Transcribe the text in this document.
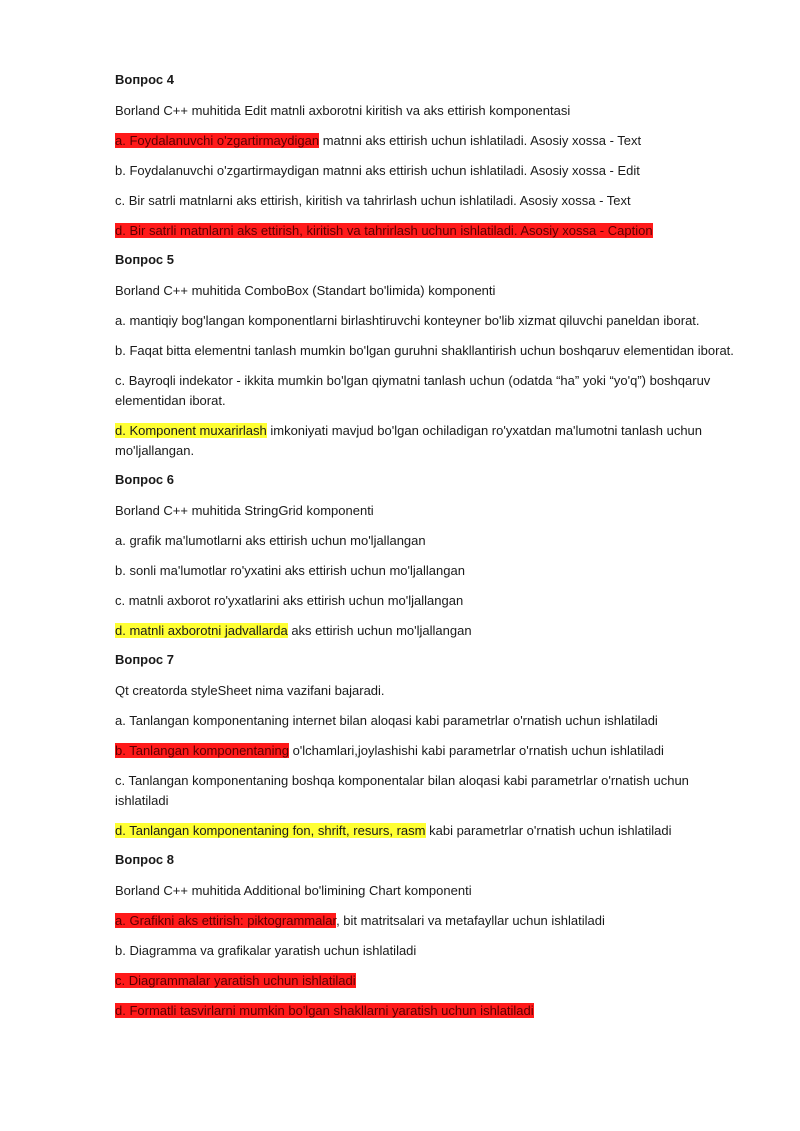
Вопрос 4
Borland C++ muhitida Edit matnli axborotni kiritish va aks ettirish komponentasi
a. Foydalanuvchi o'zgartirmaydigan matnni aks ettirish uchun ishlatiladi. Asosiy xossa - Text
b. Foydalanuvchi o'zgartirmaydigan matnni aks ettirish uchun ishlatiladi. Asosiy xossa - Edit
c. Bir satrli matnlarni aks ettirish, kiritish va tahrirlash uchun ishlatiladi. Asosiy xossa - Text
d. Bir satrli matnlarni aks ettirish, kiritish va tahrirlash uchun ishlatiladi. Asosiy xossa - Caption
Вопрос 5
Borland C++ muhitida ComboBox (Standart bo'limida) komponenti
a. mantiqiy bog'langan komponentlarni birlashtiruvchi konteyner bo'lib xizmat qiluvchi paneldan iborat.
b. Faqat bitta elementni tanlash mumkin bo'lgan guruhni shakllantirish uchun boshqaruv elementidan iborat.
c. Bayroqli indekator - ikkita mumkin bo'lgan qiymatni tanlash uchun (odatda “ha” yoki “yo'q”) boshqaruv elementidan iborat.
d. Komponent muxarirlash imkoniyati mavjud bo'lgan ochiladigan ro'yxatdan ma'lumotni tanlash uchun mo'ljallangan.
Вопрос 6
Borland C++ muhitida StringGrid komponenti
a. grafik ma'lumotlarni aks ettirish uchun mo'ljallangan
b. sonli ma'lumotlar ro'yxatini aks ettirish uchun mo'ljallangan
c. matnli axborot ro'yxatlarini aks ettirish uchun mo'ljallangan
d. matnli axborotni jadvallarda aks ettirish uchun mo'ljallangan
Вопрос 7
Qt creatorda styleSheet nima vazifani bajaradi.
a. Tanlangan komponentaning internet bilan aloqasi kabi parametrlar o'rnatish uchun ishlatiladi
b. Tanlangan komponentaning o'lchamlari,joylashishi kabi parametrlar o'rnatish uchun ishlatiladi
c. Tanlangan komponentaning boshqa komponentalar bilan aloqasi kabi parametrlar o'rnatish uchun ishlatiladi
d. Tanlangan komponentaning fon, shrift, resurs, rasm kabi parametrlar o'rnatish uchun ishlatiladi
Вопрос 8
Borland C++ muhitida Additional bo'limining Chart komponenti
a. Grafikni aks ettirish: piktogrammalar, bit matritsalari va metafayllar uchun ishlatiladi
b. Diagramma va grafikalar yaratish uchun ishlatiladi
c. Diagrammalar yaratish uchun ishlatiladi
d. Formatli tasvirlarni mumkin bo'lgan shakllarni yaratish uchun ishlatiladi
